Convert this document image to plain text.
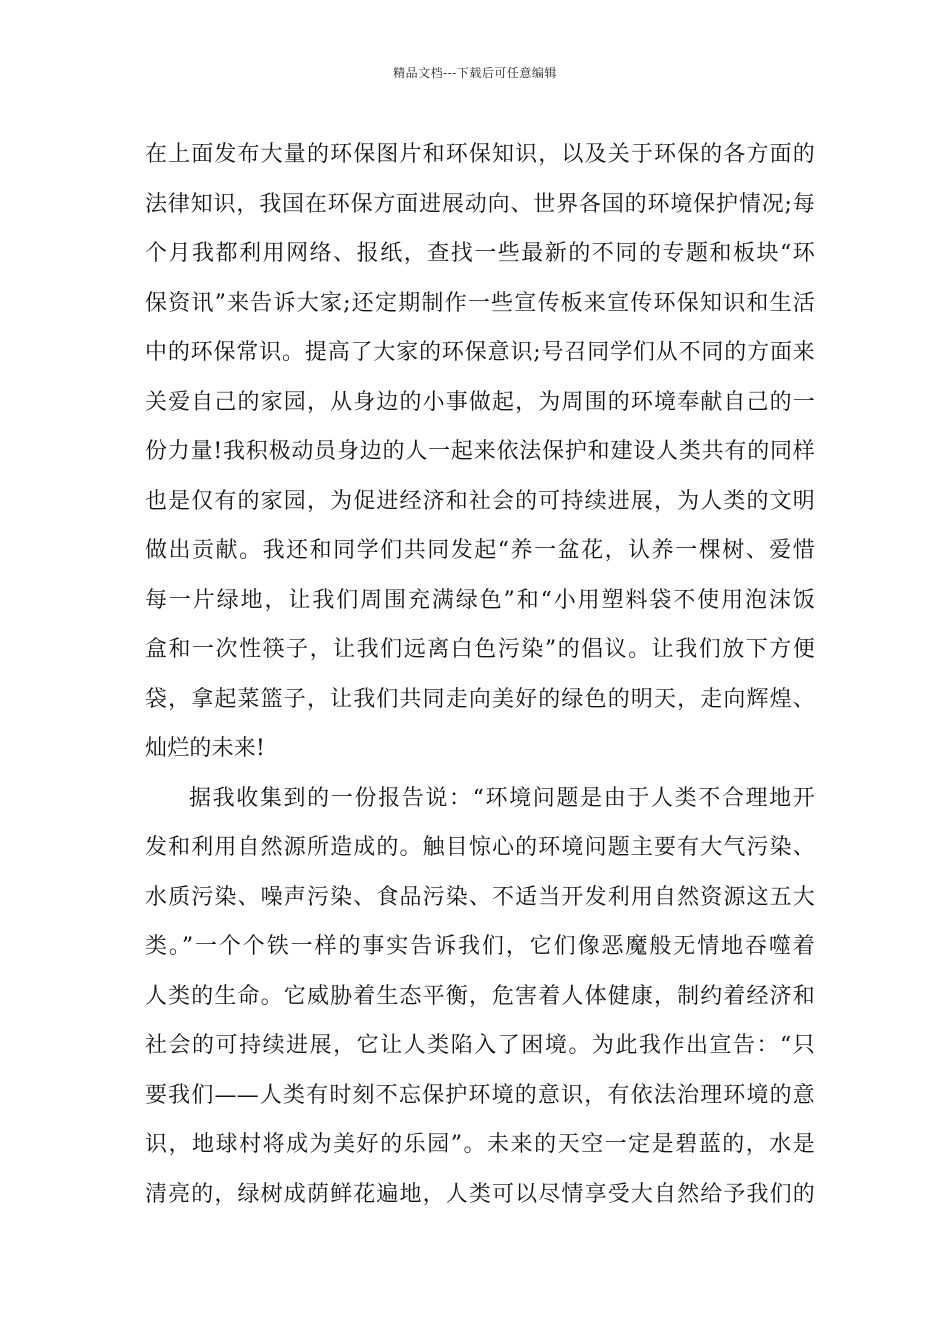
精品文档---下载后可任意编辑
在上面发布大量的环保图片和环保知识，以及关于环保的各方面的
法律知识，我国在环保方面进展动向、世界各国的环境保护情况;每
个月我都利用网络、报纸，查找一些最新的不同的专题和板块“环
保资讯”来告诉大家;还定期制作一些宣传板来宣传环保知识和生活
中的环保常识。提高了大家的环保意识;号召同学们从不同的方面来
关爱自己的家园，从身边的小事做起，为周围的环境奉献自己的一
份力量!我积极动员身边的人一起来依法保护和建设人类共有的同样
也是仅有的家园，为促进经济和社会的可持续进展，为人类的文明
做出贡献。我还和同学们共同发起“养一盆花，认养一棵树、爱惜
每一片绿地，让我们周围充满绿色”和“小用塑料袋不使用泡沫饭
盒和一次性筷子，让我们远离白色污染”的倡议。让我们放下方便
袋，拿起菜篮子，让我们共同走向美好的绿色的明天，走向辉煌、
灿烂的未来!
据我收集到的一份报告说：“环境问题是由于人类不合理地开
发和利用自然源所造成的。触目惊心的环境问题主要有大气污染、
水质污染、噪声污染、食品污染、不适当开发利用自然资源这五大
类。”一个个铁一样的事实告诉我们，它们像恶魔般无情地吞噬着
人类的生命。它威胁着生态平衡，危害着人体健康，制约着经济和
社会的可持续进展，它让人类陷入了困境。为此我作出宣告：“只
要我们——人类有时刻不忘保护环境的意识，有依法治理环境的意
识，地球村将成为美好的乐园”。未来的天空一定是碧蓝的，水是
清亮的，绿树成荫鲜花遍地，人类可以尽情享受大自然给予我们的
